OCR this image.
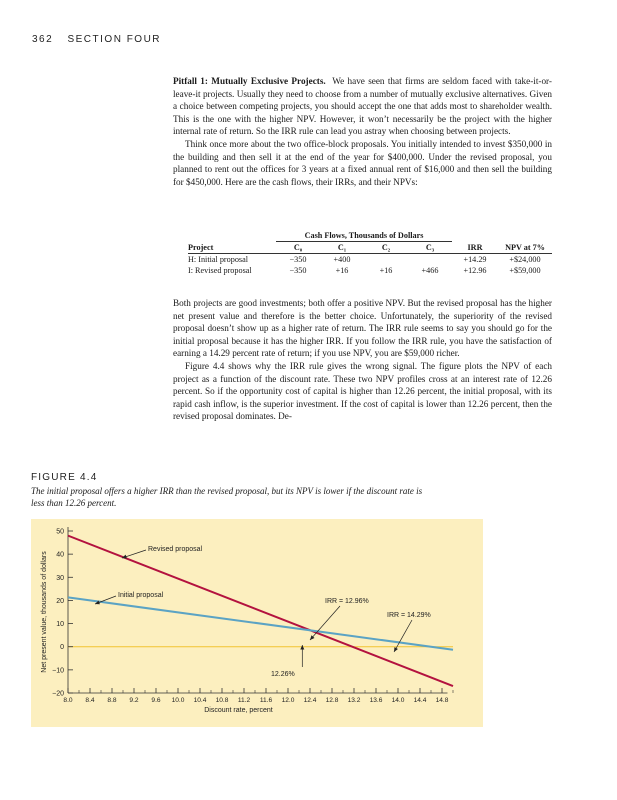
362 SECTION FOUR

Pitfall 1: Mutually Exclusive Projects. We have seen that firms are seldom faced with take-it-or-leave-it projects. Usually they need to choose from a number of mutually exclusive alternatives. Given a choice between competing projects, you should accept the one that adds most to shareholder wealth. This is the one with the higher NPV. However, it won’t necessarily be the project with the higher internal rate of return. So the IRR rule can lead you astray when choosing between projects.

Think once more about the two office-block proposals. You initially intended to invest $350,000 in the building and then sell it at the end of the year for $400,000. Under the revised proposal, you planned to rent out the offices for 3 years at a fixed annual rent of $16,000 and then sell the building for $450,000. Here are the cash flows, their IRRs, and their NPVs:

	Cash Flows, Thousands of Dollars					
Project	C₀	C₁	C₂	C₃	IRR	NPV at 7%
H: Initial proposal	−350	+400			+14.29	+$24,000
I: Revised proposal	−350	+16	+16	+466	+12.96	+$59,000

Both projects are good investments; both offer a positive NPV. But the revised proposal has the higher net present value and therefore is the better choice. Unfortunately, the superiority of the revised proposal doesn’t show up as a higher rate of return. The IRR rule seems to say you should go for the initial proposal because it has the higher IRR. If you follow the IRR rule, you have the satisfaction of earning a 14.29 percent rate of return; if you use NPV, you are $59,000 richer.

Figure 4.4 shows why the IRR rule gives the wrong signal. The figure plots the NPV of each project as a function of the discount rate. These two NPV profiles cross at an interest rate of 12.26 percent. So if the opportunity cost of capital is higher than 12.26 percent, the initial proposal, with its rapid cash inflow, is the superior investment. If the cost of capital is lower than 12.26 percent, then the revised proposal dominates. De-

FIGURE 4.4
The initial proposal offers a higher IRR than the revised proposal, but its NPV is lower if the discount rate is less than 12.26 percent.
−20
−10
0
10
20
30
40
50
8.0 8.4 8.8 9.2 9.6 10.0 10.4 10.8 11.2 11.6 12.0 12.4 12.8 13.2 13.6 14.0 14.4 14.8
Discount rate, percent
Net present value, thousands of dollars
Revised proposal
Initial proposal
IRR = 12.96%
IRR = 14.29%
12.26%
